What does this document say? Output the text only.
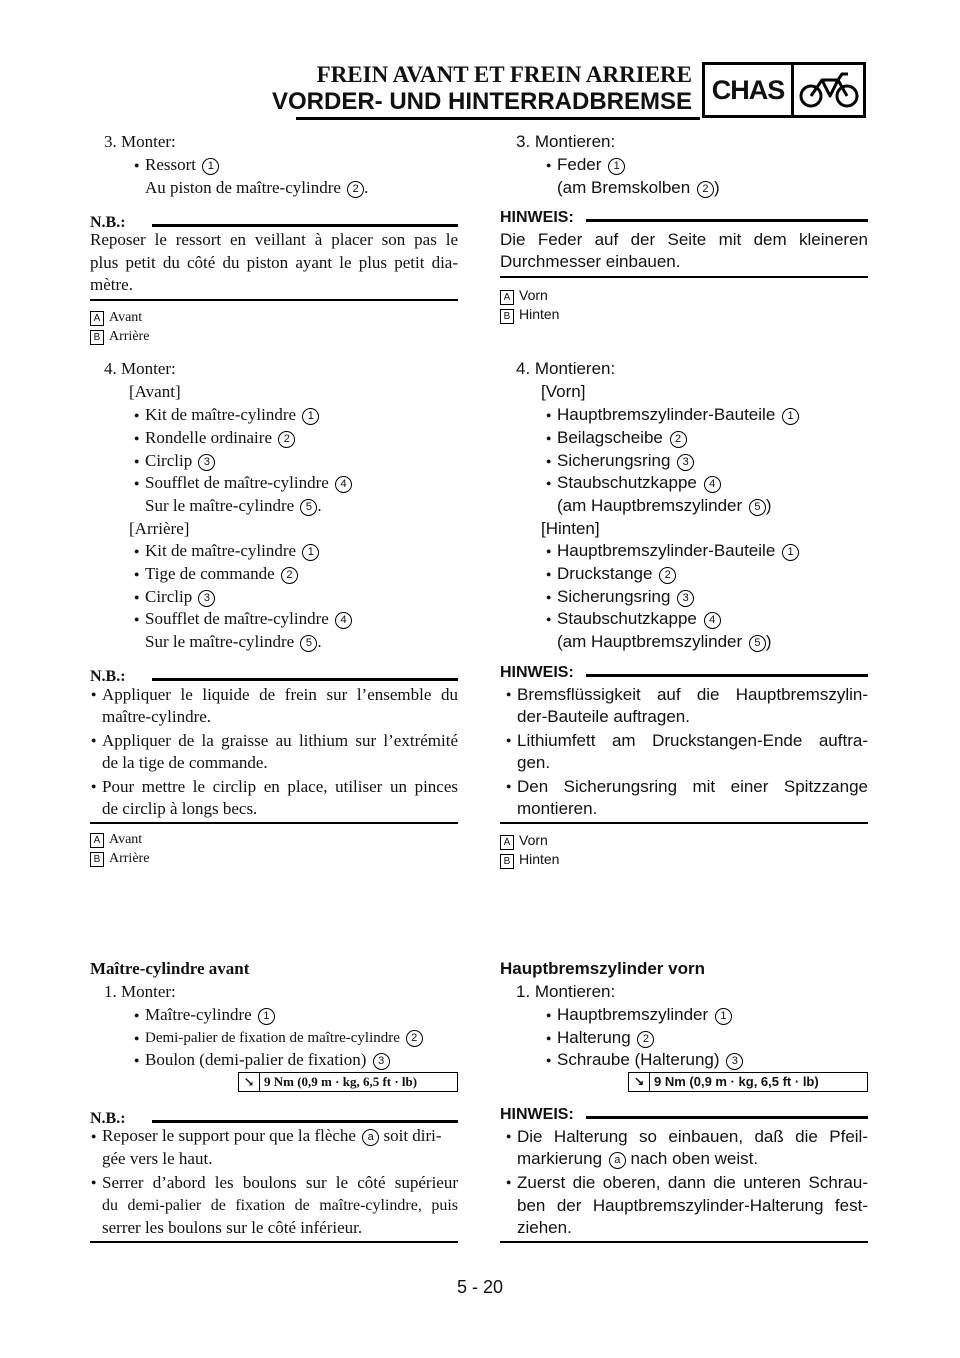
FREIN AVANT ET FREIN ARRIERE
VORDER- UND HINTERRADBREMSE CHAS
3. Monter:
● Ressort 1
Au piston de maître-cylindre 2 .
N.B.:
Reposer le ressort en veillant à placer son pas le
plus petit du côté du piston ayant le plus petit dia-
mètre.
A Avant
B Arrière
4. Monter:
[Avant]
● Kit de maître-cylindre 1
● Rondelle ordinaire 2
● Circlip 3
● Soufflet de maître-cylindre 4
Sur le maître-cylindre 5 .
[Arrière]
● Kit de maître-cylindre 1
● Tige de commande 2
● Circlip 3
● Soufflet de maître-cylindre 4
Sur le maître-cylindre 5 .
N.B.:
● Appliquer le liquide de frein sur l’ensemble du
maître-cylindre.
● Appliquer de la graisse au lithium sur l’extrémité
de la tige de commande.
● Pour mettre le circlip en place, utiliser un pinces
de circlip à longs becs.
A Avant
B Arrière
Maître-cylindre avant
1. Monter:
● Maître-cylindre 1
● Demi-palier de fixation de maître-cylindre 2
● Boulon (demi-palier de fixation) 3
↘ 9 Nm (0,9 m · kg, 6,5 ft · lb)
N.B.:
● Reposer le support pour que la flèche a soit diri-
gée vers le haut.
● Serrer d’abord les boulons sur le côté supérieur
du demi-palier de fixation de maître-cylindre, puis
serrer les boulons sur le côté inférieur.
3. Montieren:
● Feder 1
(am Bremskolben 2 )
HINWEIS:
Die Feder auf der Seite mit dem kleineren
Durchmesser einbauen.
A Vorn
B Hinten
4. Montieren:
[Vorn]
● Hauptbremszylinder-Bauteile 1
● Beilagscheibe 2
● Sicherungsring 3
● Staubschutzkappe 4
(am Hauptbremszylinder 5 )
[Hinten]
● Hauptbremszylinder-Bauteile 1
● Druckstange 2
● Sicherungsring 3
● Staubschutzkappe 4
(am Hauptbremszylinder 5 )
HINWEIS:
● Bremsflüssigkeit auf die Hauptbremszylin-
der-Bauteile auftragen.
● Lithiumfett am Druckstangen-Ende auftra-
gen.
● Den Sicherungsring mit einer Spitzzange
montieren.
A Vorn
B Hinten
Hauptbremszylinder vorn
1. Montieren:
● Hauptbremszylinder 1
● Halterung 2
● Schraube (Halterung) 3
↘ 9 Nm (0,9 m · kg, 6,5 ft · lb)
HINWEIS:
● Die Halterung so einbauen, daß die Pfeil-
markierung a nach oben weist.
● Zuerst die oberen, dann die unteren Schrau-
ben der Hauptbremszylinder-Halterung fest-
ziehen.
5 - 20
